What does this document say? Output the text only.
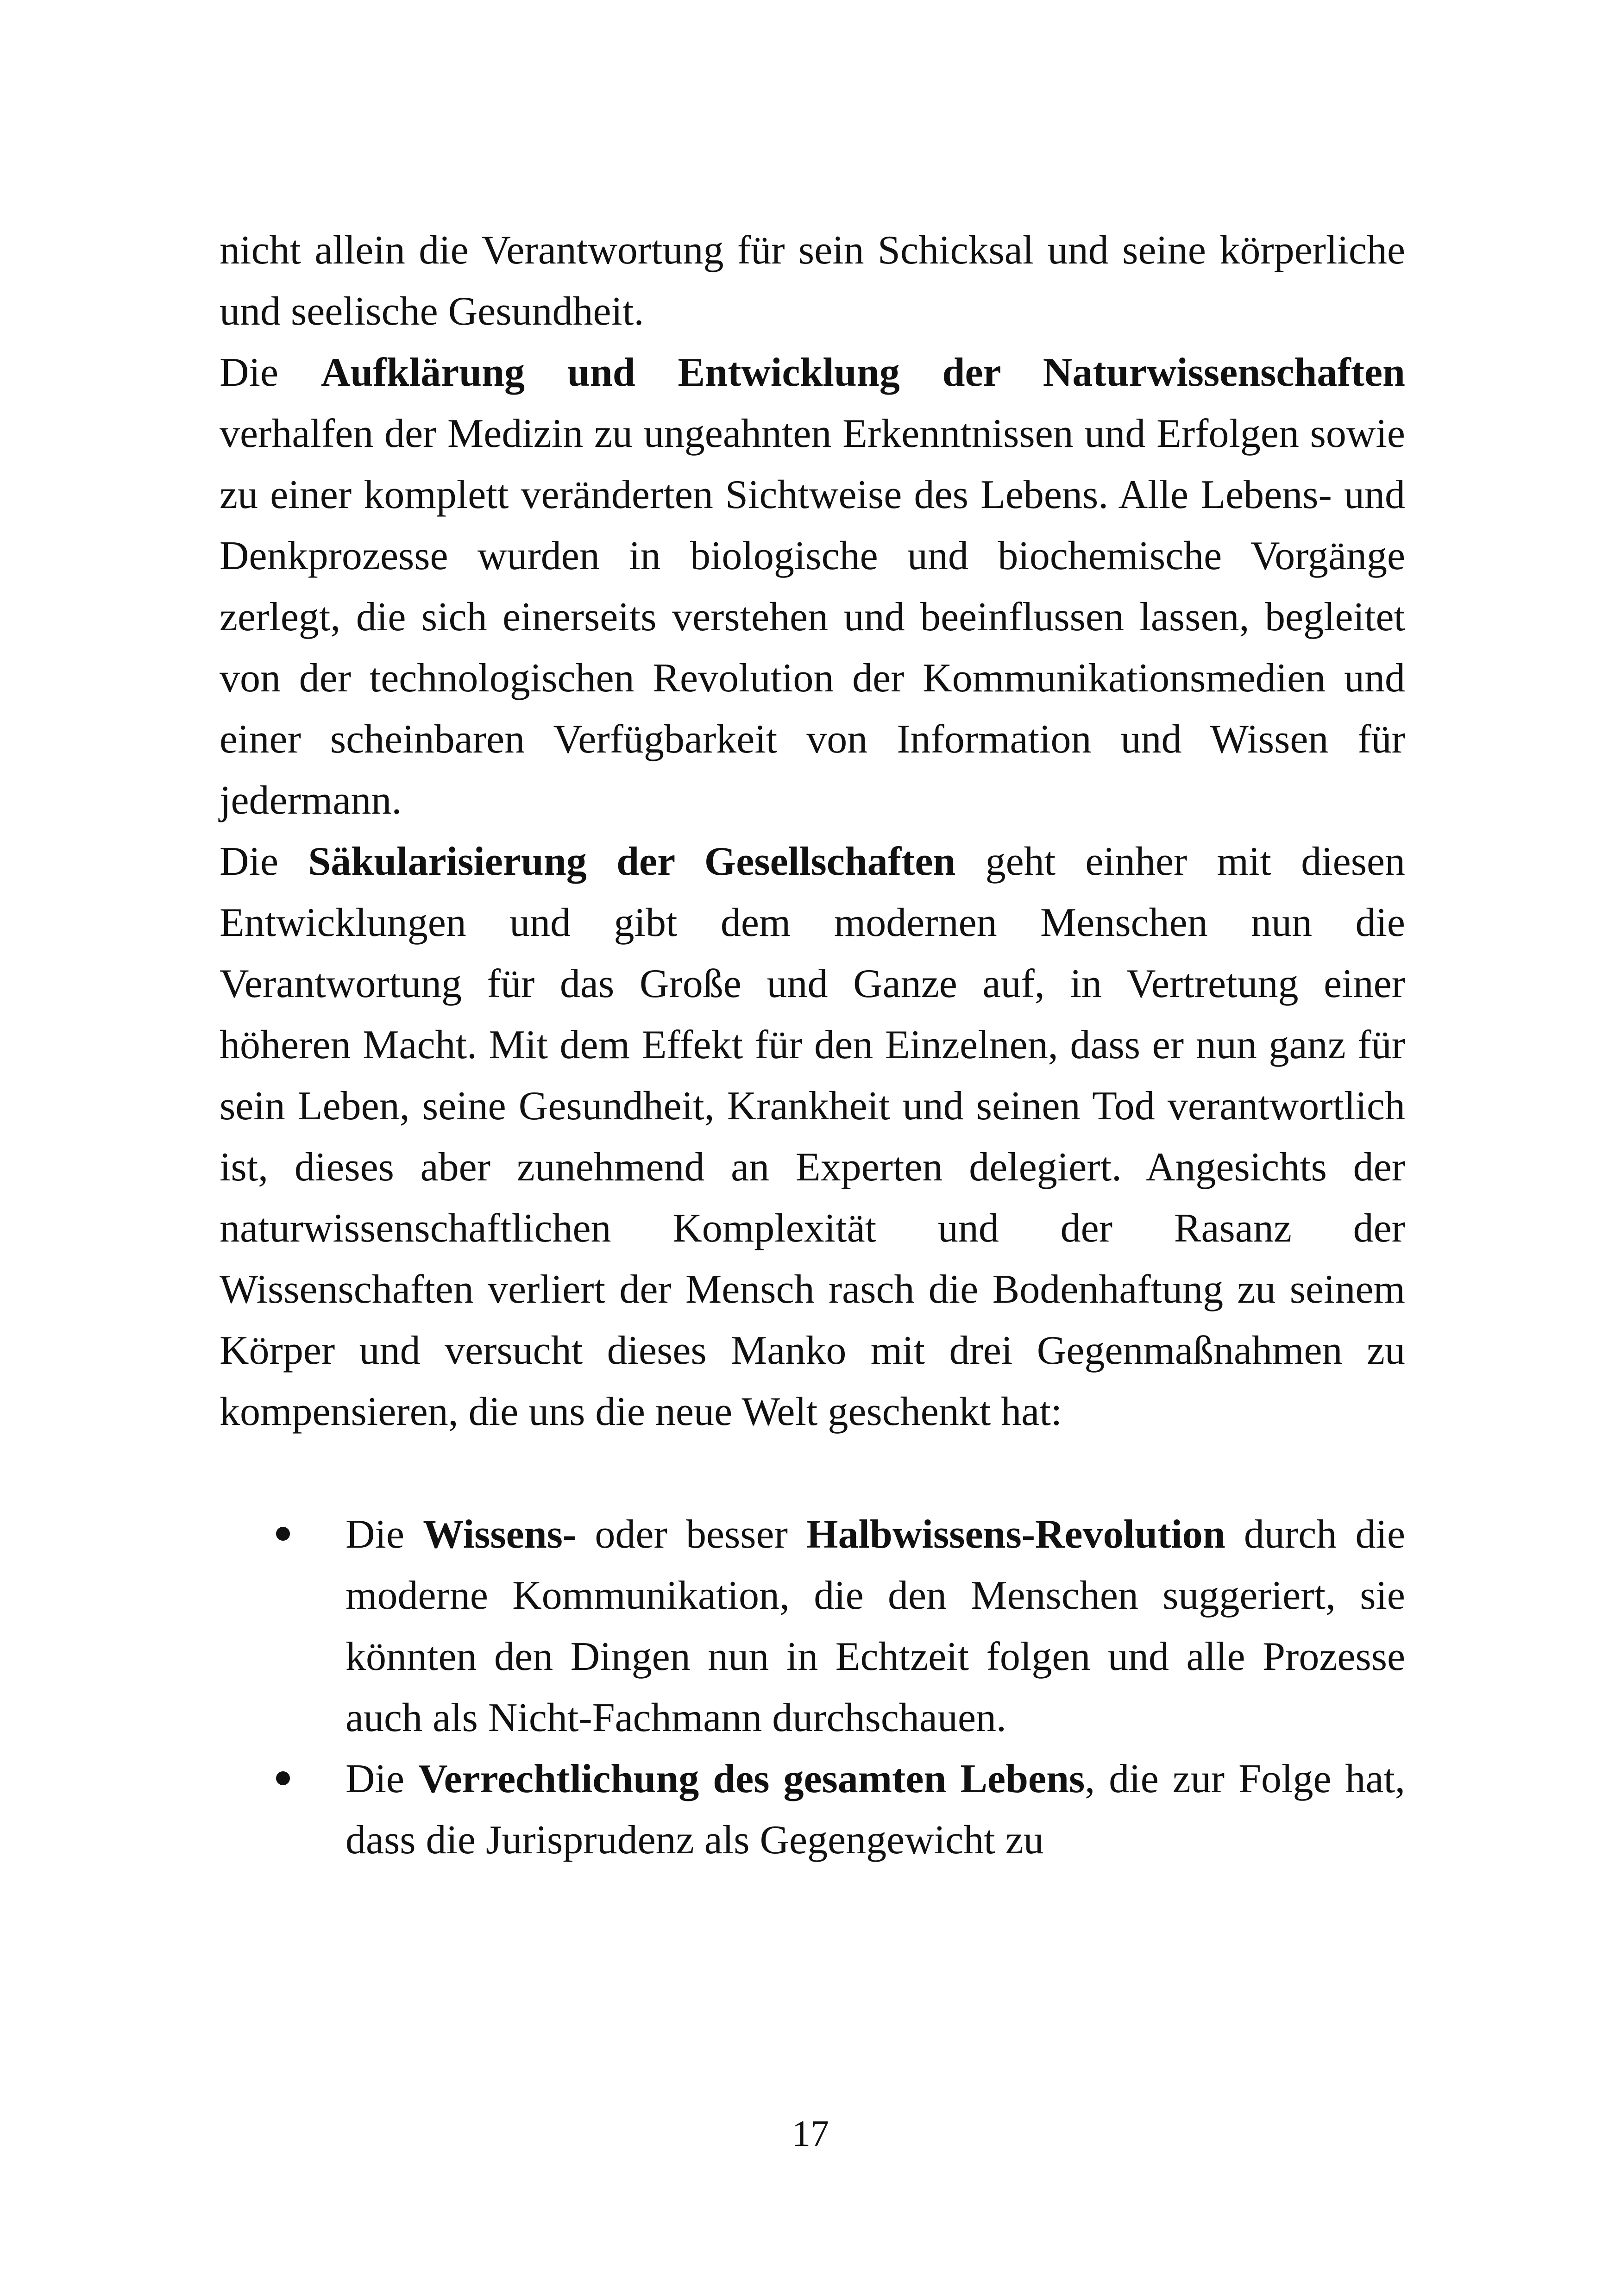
nicht allein die Verantwortung für sein Schicksal und seine körperliche und seelische Gesundheit.

Die Aufklärung und Entwicklung der Naturwissenschaften verhalfen der Medizin zu ungeahnten Erkenntnissen und Erfolgen sowie zu einer komplett veränderten Sichtweise des Lebens. Alle Lebens- und Denkprozesse wurden in biologische und biochemische Vorgänge zerlegt, die sich einerseits verstehen und beeinflussen lassen, begleitet von der technologischen Revolution der Kommunikationsmedien und einer scheinbaren Verfügbarkeit von Information und Wissen für jedermann.

Die Säkularisierung der Gesellschaften geht einher mit diesen Entwicklungen und gibt dem modernen Menschen nun die Verantwortung für das Große und Ganze auf, in Vertretung einer höheren Macht. Mit dem Effekt für den Einzelnen, dass er nun ganz für sein Leben, seine Gesundheit, Krankheit und seinen Tod verantwortlich ist, dieses aber zunehmend an Experten delegiert. Angesichts der naturwissenschaftlichen Komplexität und der Rasanz der Wissenschaften verliert der Mensch rasch die Bodenhaftung zu seinem Körper und versucht dieses Manko mit drei Gegenmaßnahmen zu kompensieren, die uns die neue Welt geschenkt hat:

Die Wissens- oder besser Halbwissens-Revolution durch die moderne Kommunikation, die den Menschen suggeriert, sie könnten den Dingen nun in Echtzeit folgen und alle Prozesse auch als Nicht-Fachmann durchschauen.
Die Verrechtlichung des gesamten Lebens, die zur Folge hat, dass die Jurisprudenz als Gegengewicht zu
17
